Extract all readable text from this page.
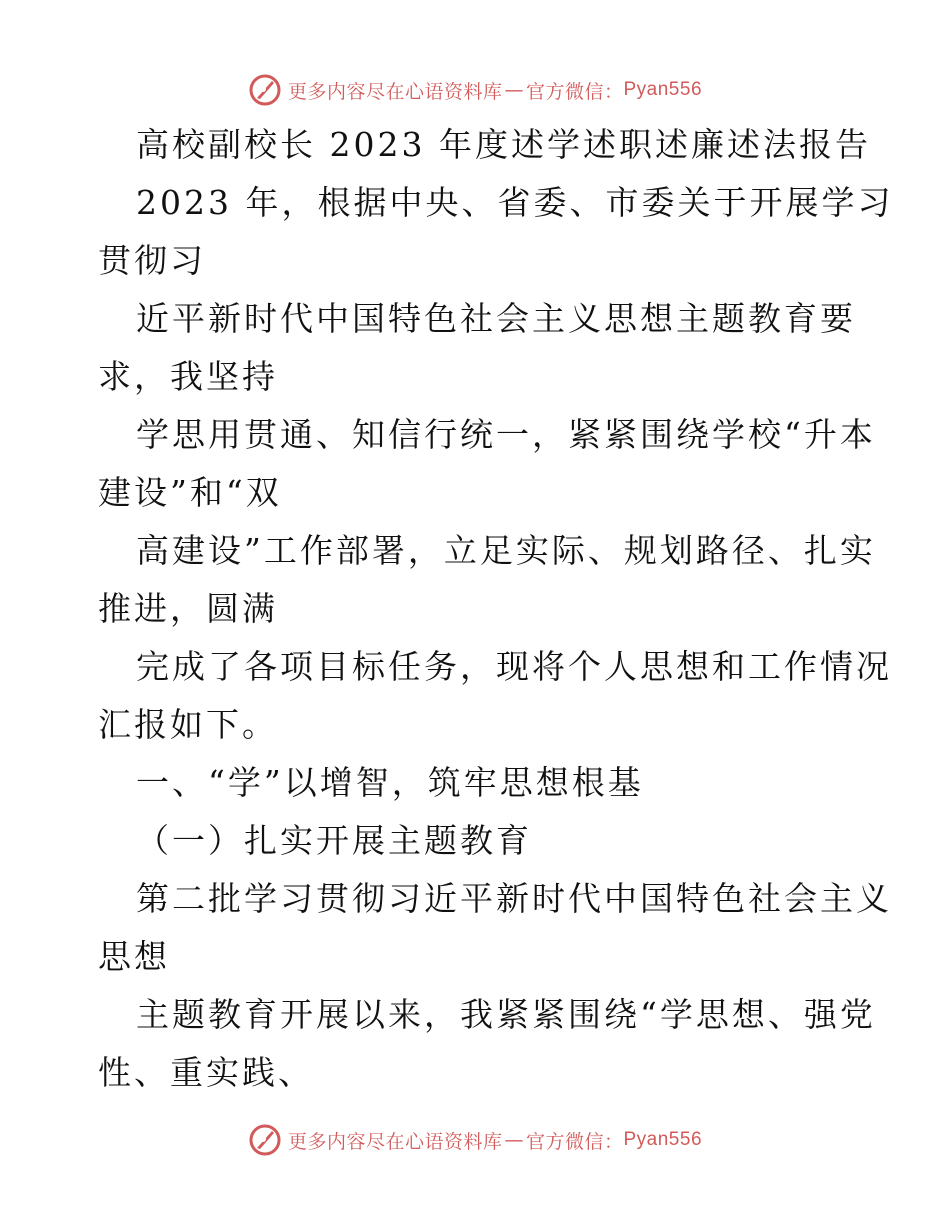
更多内容尽在心语资料库 — 官方微信： Pyan556
高校副校长 2023 年度述学述职述廉述法报告
2023 年，根据中央、省委、市委关于开展学习
贯彻习
近平新时代中国特色社会主义思想主题教育要
求，我坚持
学思用贯通、知信行统一，紧紧围绕学校“升本
建设”和“双
高建设”工作部署，立足实际、规划路径、扎实
推进，圆满
完成了各项目标任务，现将个人思想和工作情况
汇报如下。
一、“学”以增智，筑牢思想根基
（一）扎实开展主题教育
第二批学习贯彻习近平新时代中国特色社会主义
思想
主题教育开展以来，我紧紧围绕“学思想、强党
性、重实践、
更多内容尽在心语资料库 — 官方微信： Pyan556
